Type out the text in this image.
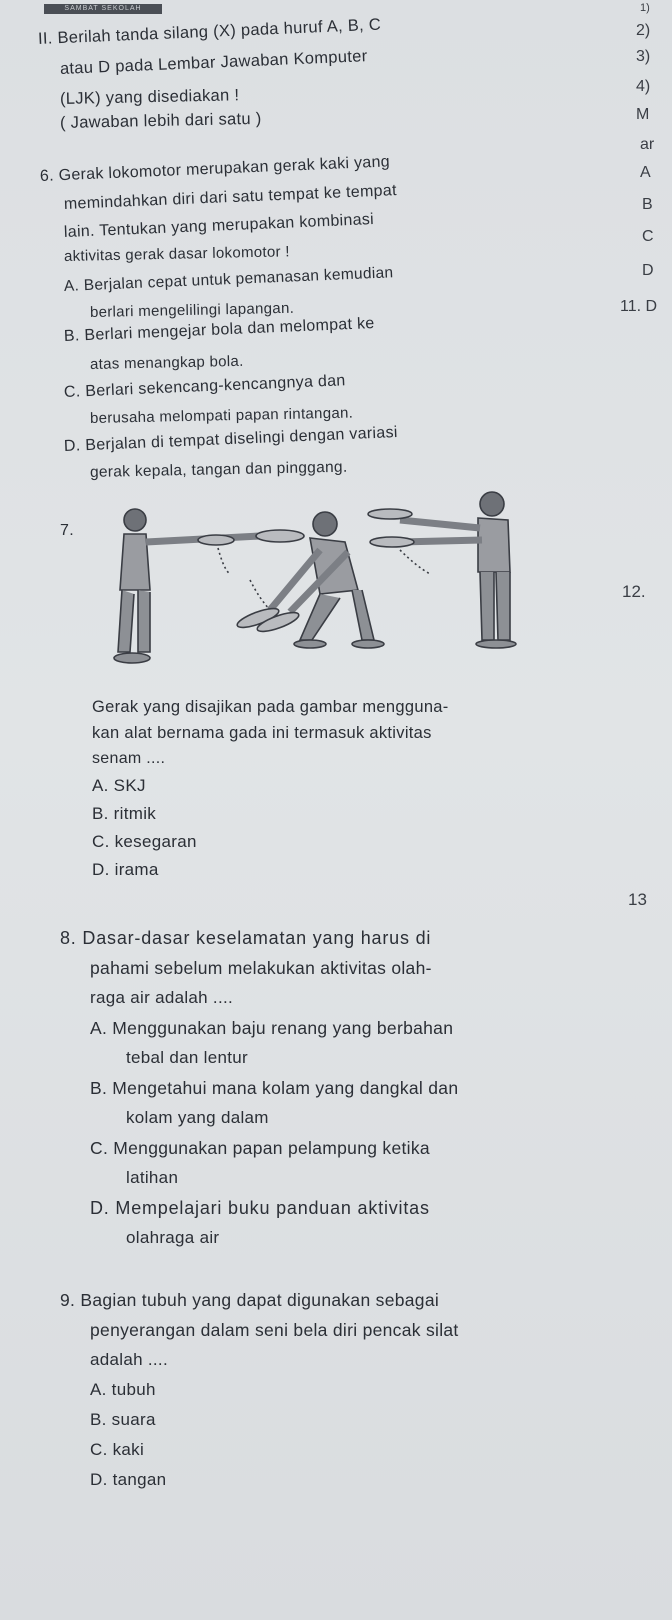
SAMBAT SEKOLAH
II. Berilah tanda silang (X) pada huruf A, B, C
atau D pada Lembar Jawaban Komputer
(LJK) yang disediakan !
( Jawaban lebih dari satu )
1)
2)
3)
4)
M
ar
A
B
C
D
11. D
12.
13
6. Gerak lokomotor merupakan gerak kaki yang
memindahkan diri dari satu tempat ke tempat
lain. Tentukan yang merupakan kombinasi
aktivitas gerak dasar lokomotor !
A. Berjalan cepat untuk pemanasan kemudian
berlari mengelilingi lapangan.
B. Berlari mengejar bola dan melompat ke
atas menangkap bola.
C. Berlari sekencang-kencangnya dan
berusaha melompati papan rintangan.
D. Berjalan di tempat diselingi dengan variasi
gerak kepala, tangan dan pinggang.
7.
Gerak yang disajikan pada gambar mengguna-
kan alat bernama gada ini termasuk aktivitas
senam ....
A. SKJ
B. ritmik
C. kesegaran
D. irama
8. Dasar-dasar keselamatan yang harus di
pahami sebelum melakukan aktivitas olah-
raga air adalah ....
A. Menggunakan baju renang yang berbahan
tebal dan lentur
B. Mengetahui mana kolam yang dangkal dan
kolam yang dalam
C. Menggunakan papan pelampung ketika
latihan
D. Mempelajari buku panduan aktivitas
olahraga air
9. Bagian tubuh yang dapat digunakan sebagai
penyerangan dalam seni bela diri pencak silat
adalah ....
A. tubuh
B. suara
C. kaki
D. tangan
